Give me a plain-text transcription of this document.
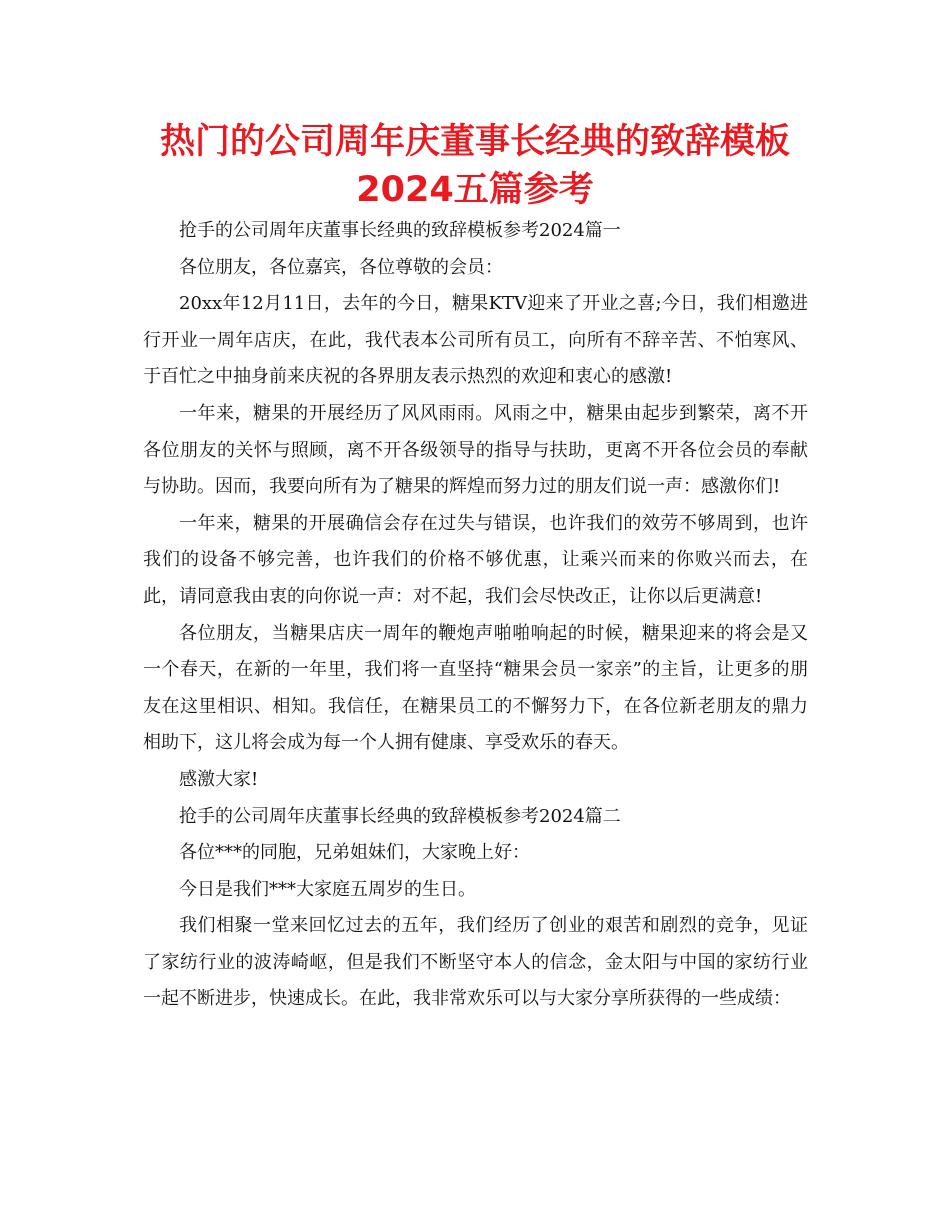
热门的公司周年庆董事长经典的致辞模板
2024五篇参考

抢手的公司周年庆董事长经典的致辞模板参考2024篇一

各位朋友，各位嘉宾，各位尊敬的会员：

20xx年12月11日，去年的今日，糖果KTV迎来了开业之喜;今日，我们相邀进行开业一周年店庆，在此，我代表本公司所有员工，向所有不辞辛苦、不怕寒风、于百忙之中抽身前来庆祝的各界朋友表示热烈的欢迎和衷心的感激!

一年来，糖果的开展经历了风风雨雨。风雨之中，糖果由起步到繁荣，离不开各位朋友的关怀与照顾，离不开各级领导的指导与扶助，更离不开各位会员的奉献与协助。因而，我要向所有为了糖果的辉煌而努力过的朋友们说一声：感激你们!

一年来，糖果的开展确信会存在过失与错误，也许我们的效劳不够周到，也许我们的设备不够完善，也许我们的价格不够优惠，让乘兴而来的你败兴而去，在此，请同意我由衷的向你说一声：对不起，我们会尽快改正，让你以后更满意!

各位朋友，当糖果店庆一周年的鞭炮声啪啪响起的时候，糖果迎来的将会是又一个春天，在新的一年里，我们将一直坚持“糖果会员一家亲”的主旨，让更多的朋友在这里相识、相知。我信任，在糖果员工的不懈努力下，在各位新老朋友的鼎力相助下，这儿将会成为每一个人拥有健康、享受欢乐的春天。

感激大家!

抢手的公司周年庆董事长经典的致辞模板参考2024篇二

各位***的同胞，兄弟姐妹们，大家晚上好：

今日是我们***大家庭五周岁的生日。

我们相聚一堂来回忆过去的五年，我们经历了创业的艰苦和剧烈的竞争，见证了家纺行业的波涛崎岖，但是我们不断坚守本人的信念，金太阳与中国的家纺行业一起不断进步，快速成长。在此，我非常欢乐可以与大家分享所获得的一些成绩：
